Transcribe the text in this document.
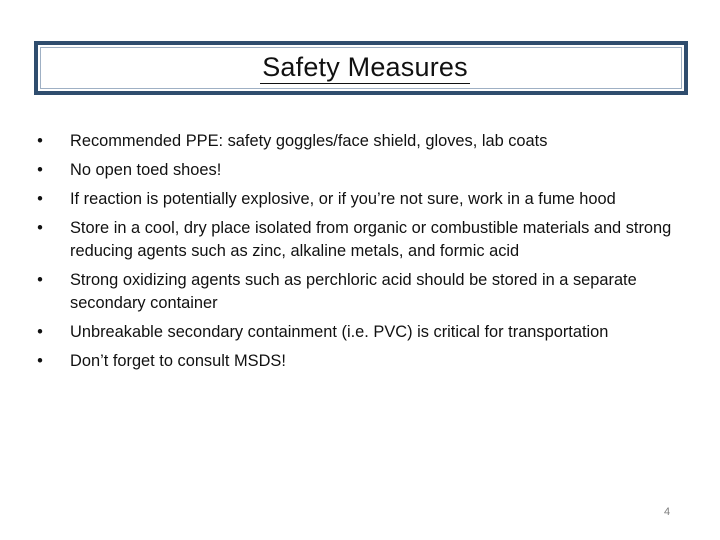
Safety Measures
•	Recommended PPE: safety goggles/face shield, gloves, lab coats
•	No open toed shoes!
•	If reaction is potentially explosive, or if you’re not sure, work in a fume hood
•	Store in a cool, dry place isolated from organic or combustible materials and strong reducing agents such as zinc, alkaline metals, and formic acid
•	Strong oxidizing agents such as perchloric acid should be stored in a separate secondary container
•	Unbreakable secondary containment (i.e. PVC) is critical for transportation
•	Don’t forget to consult MSDS!
4
